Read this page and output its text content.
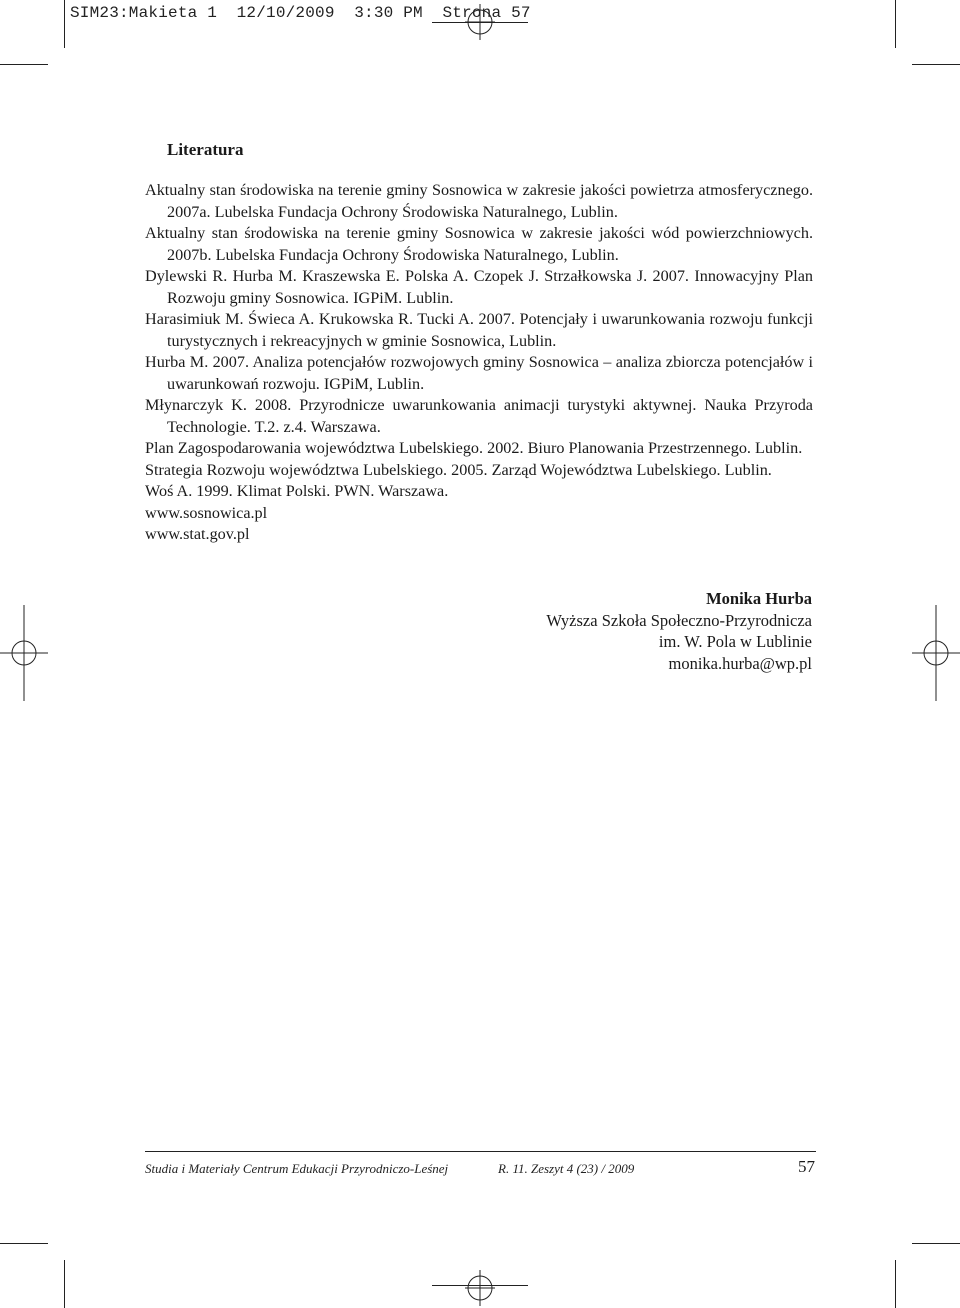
SIM23:Makieta 1  12/10/2009  3:30 PM  Strona 57
Literatura

Aktualny stan środowiska na terenie gminy Sosnowica w zakresie jakości powietrza atmosferycznego. 2007a. Lubelska Fundacja Ochrony Środowiska Naturalnego, Lublin.

Aktualny stan środowiska na terenie gminy Sosnowica w zakresie jakości wód powierzchniowych. 2007b. Lubelska Fundacja Ochrony Środowiska Naturalnego, Lublin.

Dylewski R. Hurba M. Kraszewska E. Polska A. Czopek J. Strzałkowska J. 2007. Innowacyjny Plan Rozwoju gminy Sosnowica. IGPiM. Lublin.

Harasimiuk M. Świeca A. Krukowska R. Tucki A. 2007. Potencjały i uwarunkowania rozwoju funkcji turystycznych i rekreacyjnych w gminie Sosnowica, Lublin.

Hurba M. 2007. Analiza potencjałów rozwojowych gminy Sosnowica – analiza zbiorcza potencjałów i uwarunkowań rozwoju. IGPiM, Lublin.

Młynarczyk K. 2008. Przyrodnicze uwarunkowania animacji turystyki aktywnej. Nauka Przyroda Technologie. T.2. z.4. Warszawa.

Plan Zagospodarowania województwa Lubelskiego. 2002. Biuro Planowania Przestrzennego. Lublin.

Strategia Rozwoju województwa Lubelskiego. 2005. Zarząd Województwa Lubelskiego. Lublin.

Woś A. 1999. Klimat Polski. PWN. Warszawa.

www.sosnowica.pl

www.stat.gov.pl

Monika Hurba
Wyższa Szkoła Społeczno-Przyrodnicza
im. W. Pola w Lublinie
monika.hurba@wp.pl
Studia i Materiały Centrum Edukacji Przyrodniczo-Leśnej	R. 11. Zeszyt 4 (23) / 2009	57
